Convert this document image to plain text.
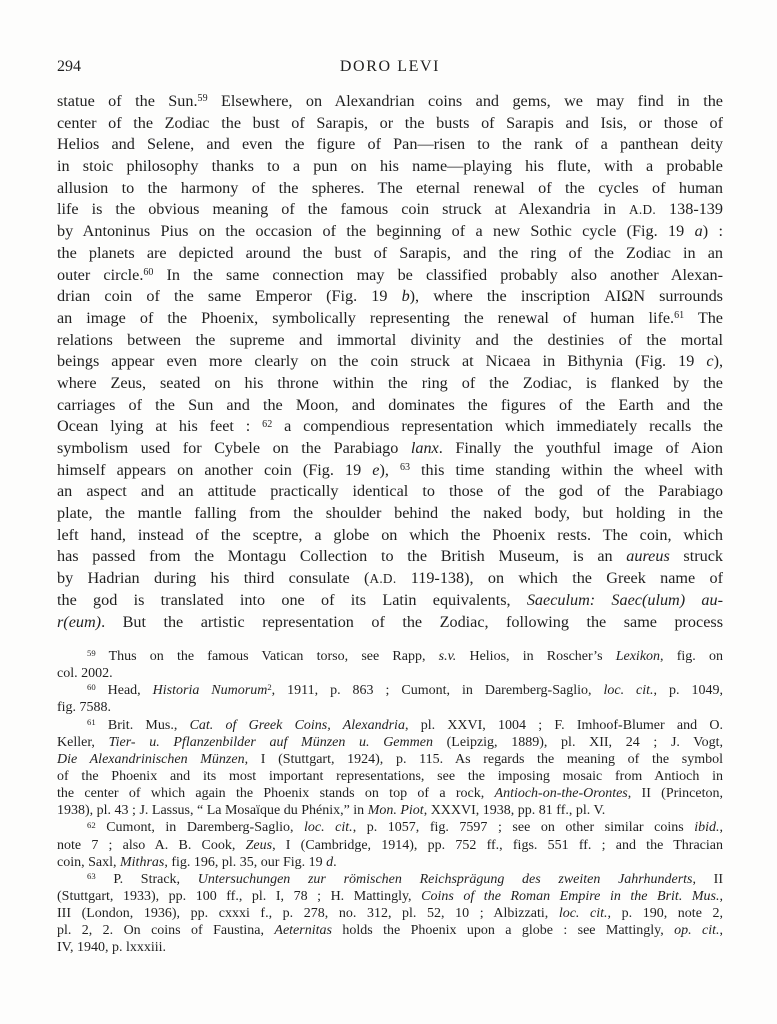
294	DORO LEVI
statue of the Sun.$^{59}$ Elsewhere, on Alexandrian coins and gems, we may find in the
center of the Zodiac the bust of Sarapis, or the busts of Sarapis and Isis, or those of
Helios and Selene, and even the figure of Pan—risen to the rank of a panthean deity
in stoic philosophy thanks to a pun on his name—playing his flute, with a probable
allusion to the harmony of the spheres. The eternal renewal of the cycles of human
life is the obvious meaning of the famous coin struck at Alexandria in A.D. 138-139
by Antoninus Pius on the occasion of the beginning of a new Sothic cycle (Fig. 19 a) :
the planets are depicted around the bust of Sarapis, and the ring of the Zodiac in an
outer circle.$^{60}$ In the same connection may be classified probably also another Alexan-
drian coin of the same Emperor (Fig. 19 b), where the inscription ΑΙΩΝ surrounds
an image of the Phoenix, symbolically representing the renewal of human life.$^{61}$ The
relations between the supreme and immortal divinity and the destinies of the mortal
beings appear even more clearly on the coin struck at Nicaea in Bithynia (Fig. 19 c),
where Zeus, seated on his throne within the ring of the Zodiac, is flanked by the
carriages of the Sun and the Moon, and dominates the figures of the Earth and the
Ocean lying at his feet : $^{62}$ a compendious representation which immediately recalls the
symbolism used for Cybele on the Parabiago lanx. Finally the youthful image of Aion
himself appears on another coin (Fig. 19 e), $^{63}$ this time standing within the wheel with
an aspect and an attitude practically identical to those of the god of the Parabiago
plate, the mantle falling from the shoulder behind the naked body, but holding in the
left hand, instead of the sceptre, a globe on which the Phoenix rests. The coin, which
has passed from the Montagu Collection to the British Museum, is an aureus struck
by Hadrian during his third consulate (A.D. 119-138), on which the Greek name of
the god is translated into one of its Latin equivalents, Saeculum: Saec(ulum) au-
r(eum). But the artistic representation of the Zodiac, following the same process
$^{59}$ Thus on the famous Vatican torso, see Rapp, s.v. Helios, in Roscher’s Lexikon, fig. on
col. 2002.
$^{60}$ Head, Historia Numorum$^2$, 1911, p. 863 ; Cumont, in Daremberg-Saglio, loc. cit., p. 1049,
fig. 7588.
$^{61}$ Brit. Mus., Cat. of Greek Coins, Alexandria, pl. XXVI, 1004 ; F. Imhoof-Blumer and O.
Keller, Tier- u. Pflanzenbilder auf Münzen u. Gemmen (Leipzig, 1889), pl. XII, 24 ; J. Vogt,
Die Alexandrinischen Münzen, I (Stuttgart, 1924), p. 115. As regards the meaning of the symbol
of the Phoenix and its most important representations, see the imposing mosaic from Antioch in
the center of which again the Phoenix stands on top of a rock, Antioch-on-the-Orontes, II (Princeton,
1938), pl. 43 ; J. Lassus, “ La Mosaïque du Phénix,” in Mon. Piot, XXXVI, 1938, pp. 81 ff., pl. V.
$^{62}$ Cumont, in Daremberg-Saglio, loc. cit., p. 1057, fig. 7597 ; see on other similar coins ibid.,
note 7 ; also A. B. Cook, Zeus, I (Cambridge, 1914), pp. 752 ff., figs. 551 ff. ; and the Thracian
coin, Saxl, Mithras, fig. 196, pl. 35, our Fig. 19 d.
$^{63}$ P. Strack, Untersuchungen zur römischen Reichsprägung des zweiten Jahrhunderts, II
(Stuttgart, 1933), pp. 100 ff., pl. I, 78 ; H. Mattingly, Coins of the Roman Empire in the Brit. Mus.,
III (London, 1936), pp. cxxxi f., p. 278, no. 312, pl. 52, 10 ; Albizzati, loc. cit., p. 190, note 2,
pl. 2, 2. On coins of Faustina, Aeternitas holds the Phoenix upon a globe : see Mattingly, op. cit.,
IV, 1940, p. lxxxiii.
